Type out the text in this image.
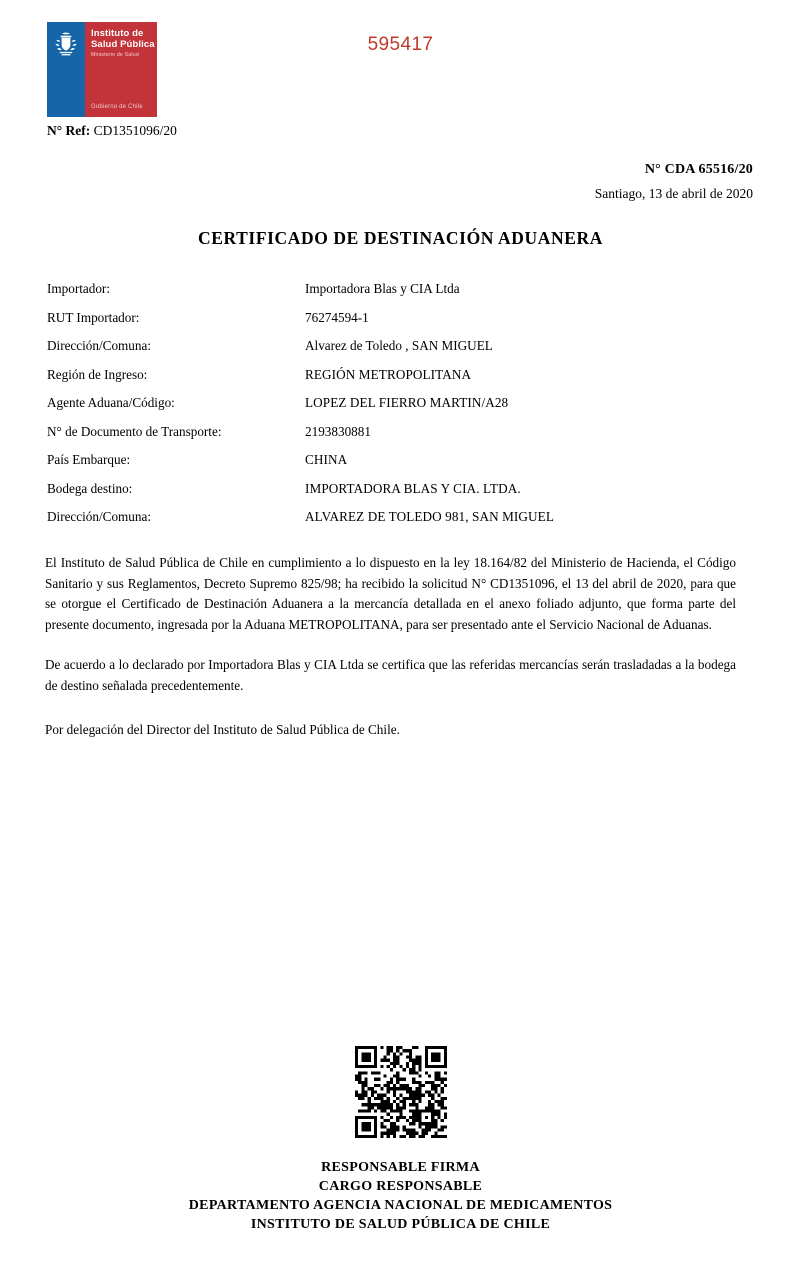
Instituto de
Salud Pública
Ministerio de Salud
Gobierno de Chile
595417
N° Ref: CD1351096/20
N° CDA 65516/20
Santiago, 13 de abril de 2020
CERTIFICADO DE DESTINACIÓN ADUANERA
Importador:	Importadora Blas y CIA Ltda
RUT Importador:	76274594-1
Dirección/Comuna:	Alvarez de Toledo , SAN MIGUEL
Región de Ingreso:	REGIÓN METROPOLITANA
Agente Aduana/Código:	LOPEZ DEL FIERRO MARTIN/A28
N° de Documento de Transporte:	2193830881
País Embarque:	CHINA
Bodega destino:	IMPORTADORA BLAS Y CIA. LTDA.
Dirección/Comuna:	ALVAREZ DE TOLEDO 981, SAN MIGUEL

El Instituto de Salud Pública de Chile en cumplimiento a lo dispuesto en la ley 18.164/82 del Ministerio de Hacienda, el Código Sanitario y sus Reglamentos, Decreto Supremo 825/98; ha recibido la solicitud N° CD1351096, el 13 del abril de 2020, para que se otorgue el Certificado de Destinación Aduanera a la mercancía detallada en el anexo foliado adjunto, que forma parte del presente documento, ingresada por la Aduana METROPOLITANA, para ser presentado ante el Servicio Nacional de Aduanas.

De acuerdo a lo declarado por Importadora Blas y CIA Ltda se certifica que las referidas mercancías serán trasladadas a la bodega de destino señalada precedentemente.

Por delegación del Director del Instituto de Salud Pública de Chile.

RESPONSABLE FIRMA
CARGO RESPONSABLE
DEPARTAMENTO AGENCIA NACIONAL DE MEDICAMENTOS
INSTITUTO DE SALUD PÚBLICA DE CHILE
